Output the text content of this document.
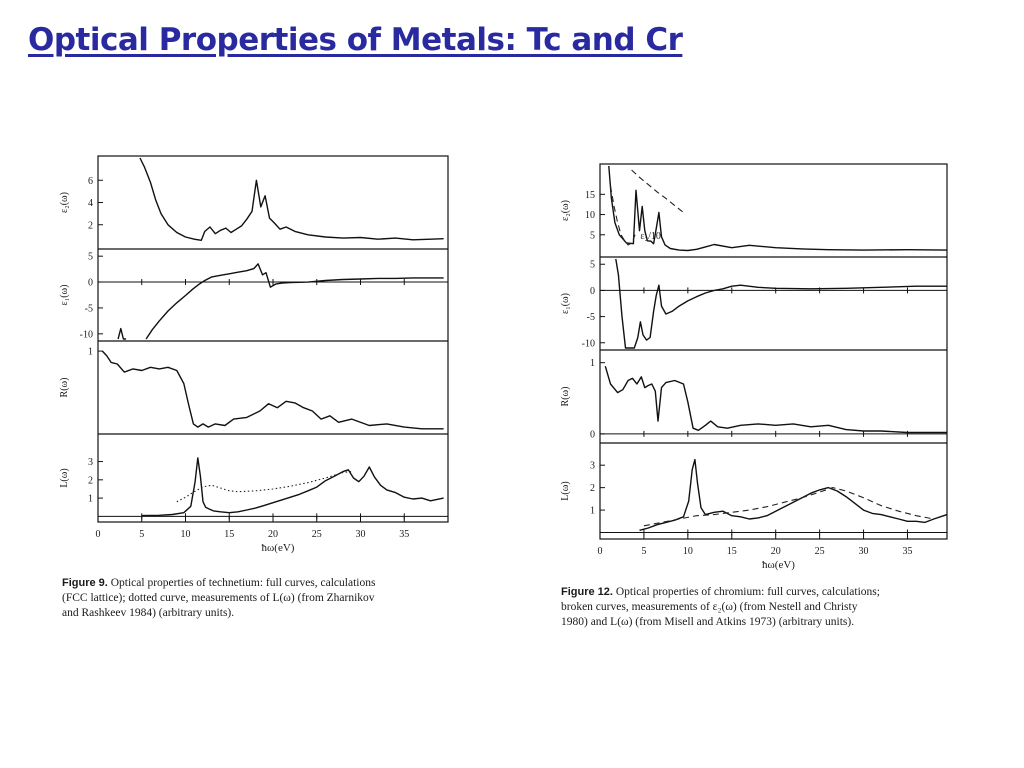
Optical Properties of Metals: Tc and Cr
2
4
6
ε₂(ω)
5
0
-5
-10
ε₁(ω)
1
R(ω)
1
2
3
L(ω)
0	5	10	15	20	25	30	35
ħω(eV)
Figure 9. Optical properties of technetium: full curves, calculations
(FCC lattice); dotted curve, measurements of L(ω) (from Zharnikov
and Rashkeev 1984) (arbitrary units).
5
10
15
ε₂(ω)
ε₂/10
5
0
-5
-10
ε₁(ω)
0
1
R(ω)
1
2
3
L(ω)
0	5	10	15	20	25	30	35
ħω(eV)
Figure 12. Optical properties of chromium: full curves, calculations;
broken curves, measurements of ε₂(ω) (from Nestell and Christy
1980) and L(ω) (from Misell and Atkins 1973) (arbitrary units).
